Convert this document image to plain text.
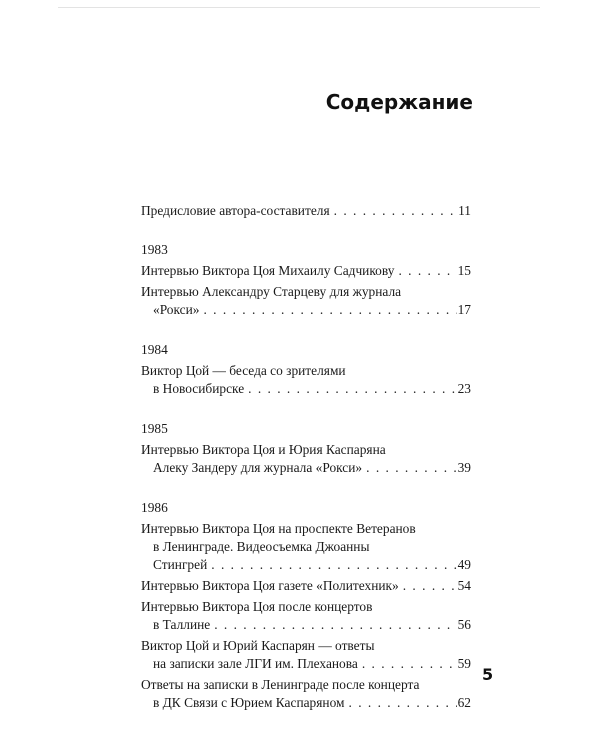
Содержание
Предисловие автора-составителя . . .	11
1983
Интервью Виктора Цоя Михаилу Садчикову . . .	15
Интервью Александру Старцеву для журнала
«Рокси» . . .	17
1984
Виктор Цой — беседа со зрителями
в Новосибирске . . .	23
1985
Интервью Виктора Цоя и Юрия Каспаряна
Алеку Зандеру для журнала «Рокси» . . .	39
1986
Интервью Виктора Цоя на проспекте Ветеранов
в Ленинграде. Видеосъемка Джоанны
Стингрей . . .	49
Интервью Виктора Цоя газете «Политехник» . . .	54
Интервью Виктора Цоя после концертов
в Таллине . . .	56
Виктор Цой и Юрий Каспарян — ответы
на записки зале ЛГИ им. Плеханова . . .	59
Ответы на записки в Ленинграде после концерта
в ДК Связи с Юрием Каспаряном . . .	62
5
